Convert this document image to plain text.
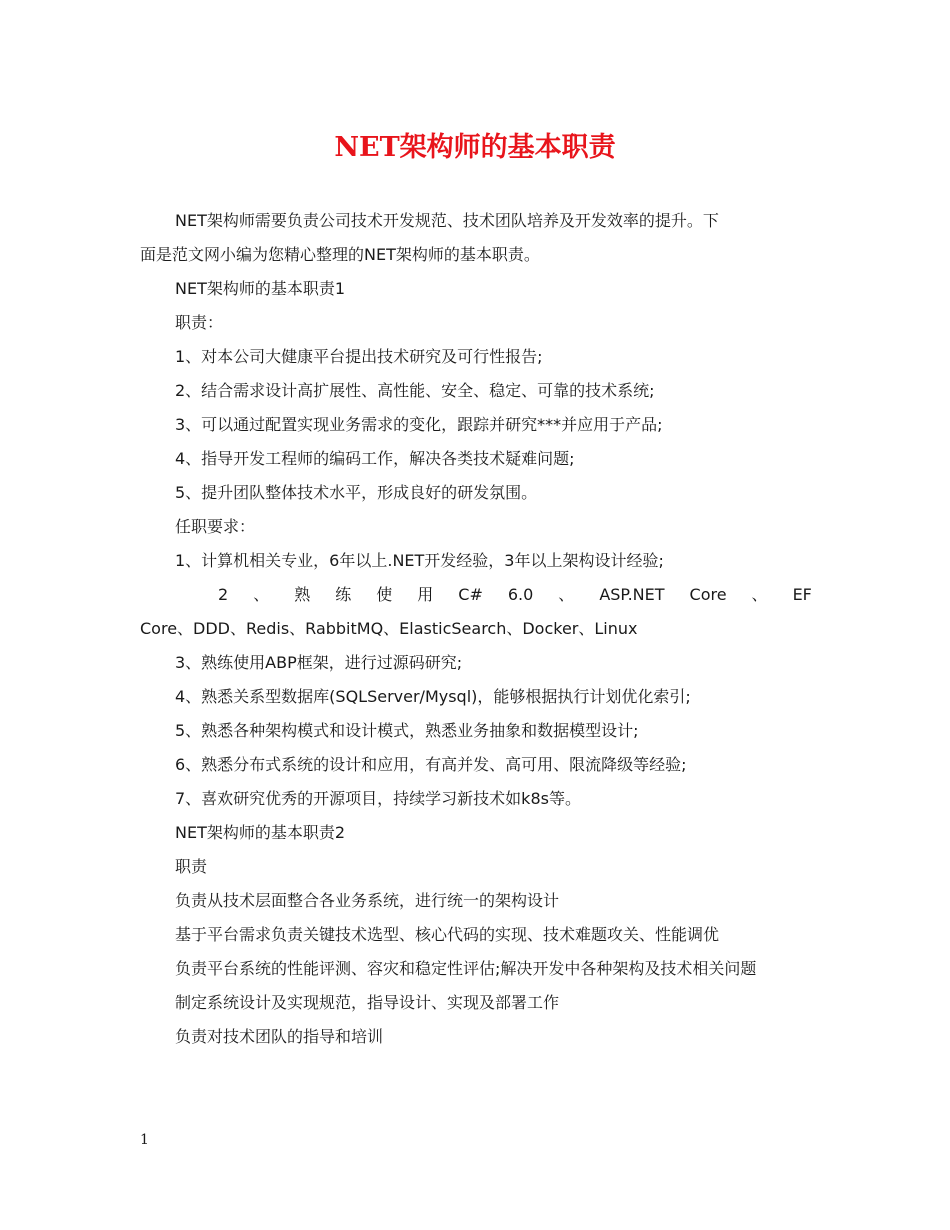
NET架构师的基本职责

NET架构师需要负责公司技术开发规范、技术团队培养及开发效率的提升。下

面是范文网小编为您精心整理的NET架构师的基本职责。

NET架构师的基本职责1

职责：

1、对本公司大健康平台提出技术研究及可行性报告;

2、结合需求设计高扩展性、高性能、安全、稳定、可靠的技术系统;

3、可以通过配置实现业务需求的变化，跟踪并研究***并应用于产品;

4、指导开发工程师的编码工作，解决各类技术疑难问题;

5、提升团队整体技术水平，形成良好的研发氛围。

任职要求：

1、计算机相关专业，6年以上.NET开发经验，3年以上架构设计经验;

2 、 熟 练 使 用 C# 6.0 、 ASP.NET Core 、 EF

Core、DDD、Redis、RabbitMQ、ElasticSearch、Docker、Linux

3、熟练使用ABP框架，进行过源码研究;

4、熟悉关系型数据库(SQLServer/Mysql)，能够根据执行计划优化索引;

5、熟悉各种架构模式和设计模式，熟悉业务抽象和数据模型设计;

6、熟悉分布式系统的设计和应用，有高并发、高可用、限流降级等经验;

7、喜欢研究优秀的开源项目，持续学习新技术如k8s等。

NET架构师的基本职责2

职责

负责从技术层面整合各业务系统，进行统一的架构设计

基于平台需求负责关键技术选型、核心代码的实现、技术难题攻关、性能调优

负责平台系统的性能评测、容灾和稳定性评估;解决开发中各种架构及技术相关问题

制定系统设计及实现规范，指导设计、实现及部署工作

负责对技术团队的指导和培训

1
